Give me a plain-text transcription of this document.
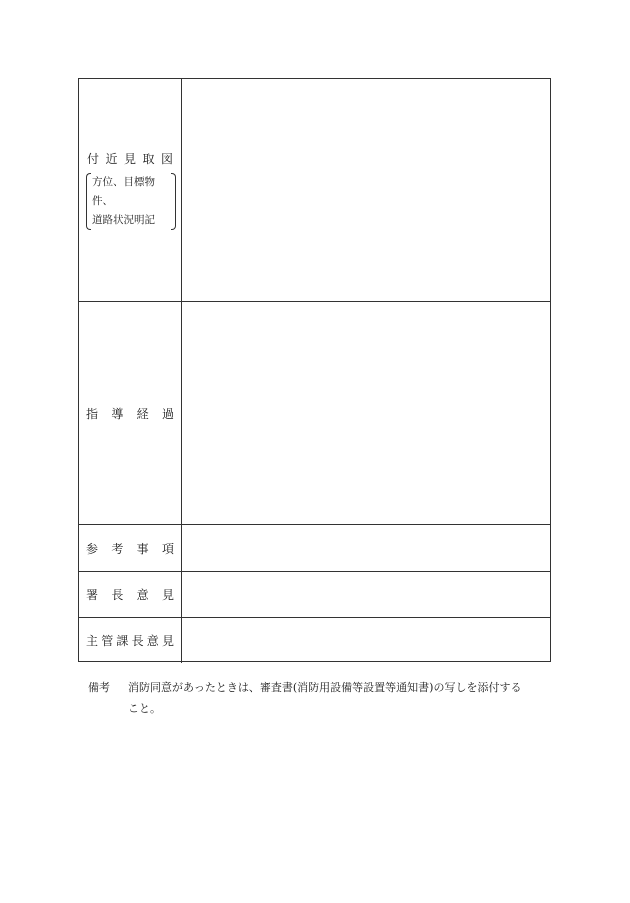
付 近 見 取 図
方位、目標物件、
道路状況明記
指 導 経 過
参 考 事 項
署 長 意 見
主 管 課 長 意 見
備考 消防同意があったときは、審査書(消防用設備等設置等通知書)の写しを添付する
こと。
